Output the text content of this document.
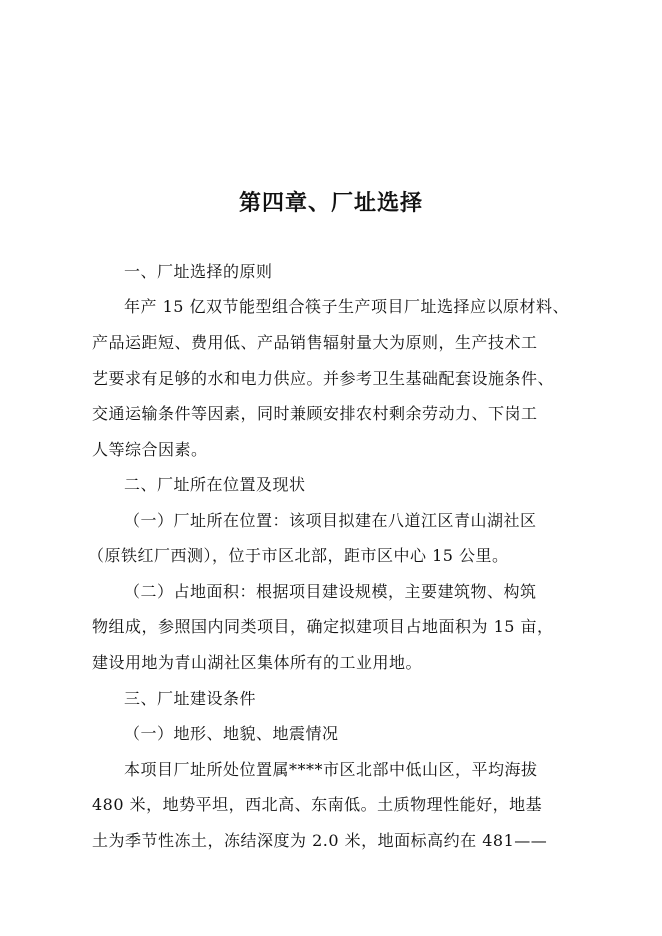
第四章、厂址选择
一、厂址选择的原则
年产 15 亿双节能型组合筷子生产项目厂址选择应以原材料、
产品运距短、费用低、产品销售辐射量大为原则，生产技术工
艺要求有足够的水和电力供应。并参考卫生基础配套设施条件、
交通运输条件等因素，同时兼顾安排农村剩余劳动力、下岗工
人等综合因素。
二、厂址所在位置及现状
（一）厂址所在位置：该项目拟建在八道江区青山湖社区
（原铁红厂西测），位于市区北部，距市区中心 15 公里。
（二）占地面积：根据项目建设规模，主要建筑物、构筑
物组成，参照国内同类项目，确定拟建项目占地面积为 15 亩，
建设用地为青山湖社区集体所有的工业用地。
三、厂址建设条件
（一）地形、地貌、地震情况
本项目厂址所处位置属****市区北部中低山区，平均海拔
480 米，地势平坦，西北高、东南低。土质物理性能好，地基
土为季节性冻土，冻结深度为 2.0 米，地面标高约在 481——
